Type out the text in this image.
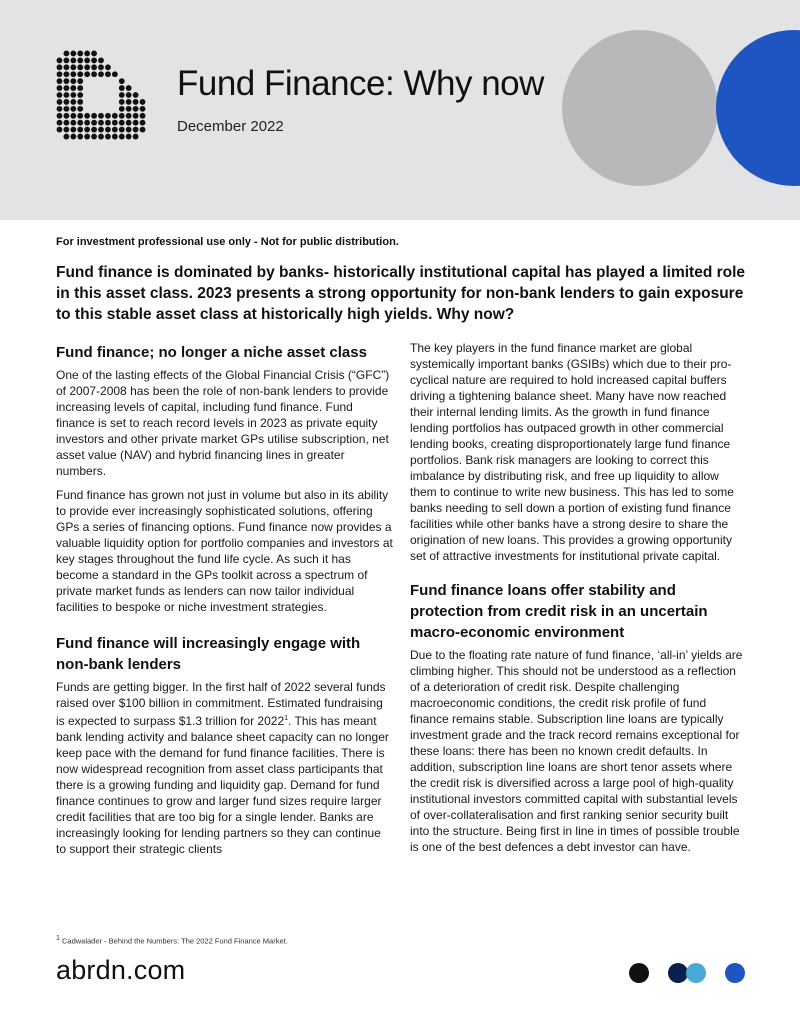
Fund Finance: Why now
December 2022
For investment professional use only - Not for public distribution.

Fund finance is dominated by banks- historically institutional capital has played a limited role in this asset class. 2023 presents a strong opportunity for non-bank lenders to gain exposure to this stable asset class at historically high yields. Why now?

Fund finance; no longer a niche asset class

One of the lasting effects of the Global Financial Crisis (“GFC”) of 2007-2008 has been the role of non-bank lenders to provide increasing levels of capital, including fund finance. Fund finance is set to reach record levels in 2023 as private equity investors and other private market GPs utilise subscription, net asset value (NAV) and hybrid financing lines in greater numbers.

Fund finance has grown not just in volume but also in its ability to provide ever increasingly sophisticated solutions, offering GPs a series of financing options. Fund finance now provides a valuable liquidity option for portfolio companies and investors at key stages throughout the fund life cycle. As such it has become a standard in the GPs toolkit across a spectrum of private market funds as lenders can now tailor individual facilities to bespoke or niche investment strategies.

Fund finance will increasingly engage with non-bank lenders

Funds are getting bigger. In the first half of 2022 several funds raised over $100 billion in commitment. Estimated fundraising is expected to surpass $1.3 trillion for 2022$^1$. This has meant bank lending activity and balance sheet capacity can no longer keep pace with the demand for fund finance facilities. There is now widespread recognition from asset class participants that there is a growing funding and liquidity gap. Demand for fund finance continues to grow and larger fund sizes require larger credit facilities that are too big for a single lender. Banks are increasingly looking for lending partners so they can continue to support their strategic clients

The key players in the fund finance market are global systemically important banks (GSIBs) which due to their pro-cyclical nature are required to hold increased capital buffers driving a tightening balance sheet. Many have now reached their internal lending limits. As the growth in fund finance lending portfolios has outpaced growth in other commercial lending books, creating disproportionately large fund finance portfolios. Bank risk managers are looking to correct this imbalance by distributing risk, and free up liquidity to allow them to continue to write new business. This has led to some banks needing to sell down a portion of existing fund finance facilities while other banks have a strong desire to share the origination of new loans. This provides a growing opportunity set of attractive investments for institutional private capital.

Fund finance loans offer stability and protection from credit risk in an uncertain macro-economic environment

Due to the floating rate nature of fund finance, ‘all-in’ yields are climbing higher. This should not be understood as a reflection of a deterioration of credit risk. Despite challenging macroeconomic conditions, the credit risk profile of fund finance remains stable. Subscription line loans are typically investment grade and the track record remains exceptional for these loans: there has been no known credit defaults. In addition, subscription line loans are short tenor assets where the credit risk is diversified across a large pool of high-quality institutional investors committed capital with substantial levels of over-collateralisation and first ranking senior security built into the structure. Being first in line in times of possible trouble is one of the best defences a debt investor can have.

$^1$ Cadwalader - Behind the Numbers: The 2022 Fund Finance Market.
abrdn.com
